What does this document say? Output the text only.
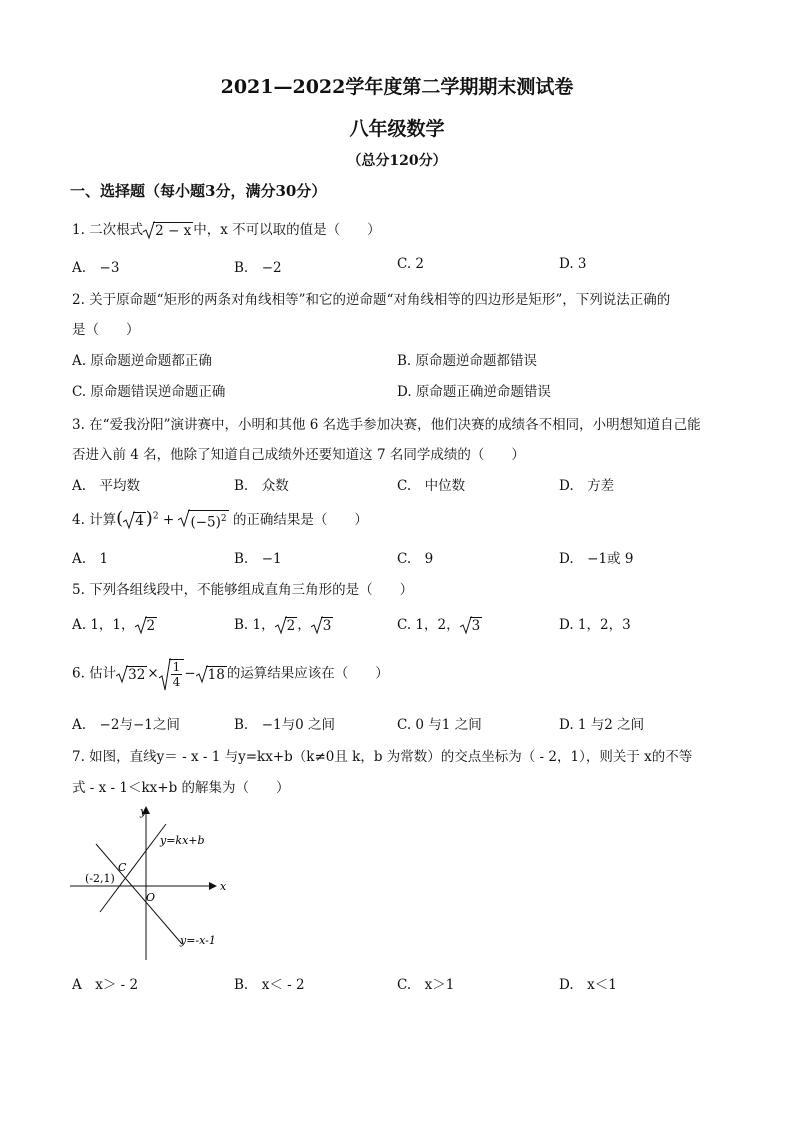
2021—2022学年度第二学期期末测试卷
八年级数学
（总分120分）
一、选择题（每小题3分，满分30分）
1. 二次根式 2 − x 中，x 不可以取的值是（　　）
A.　−3	B.　−2	C. 2	D. 3
2. 关于原命题“矩形的两条对角线相等”和它的逆命题“对角线相等的四边形是矩形”，下列说法正确的
是（　　）
A. 原命题逆命题都正确	B. 原命题逆命题都错误
C. 原命题错误逆命题正确	D. 原命题正确逆命题错误
3. 在“爱我汾阳”演讲赛中，小明和其他 6 名选手参加决赛，他们决赛的成绩各不相同，小明想知道自己能
否进入前 4 名，他除了知道自己成绩外还要知道这 7 名同学成绩的（　　）
A.　平均数	B.　众数	C.　中位数	D.　方差
4. 计算( 4 )$^2$ +
$(-5)^2$ 的正确结果是（　　）
A.　1	B.　−1	C.　9	D.　−1或 9
5. 下列各组线段中，不能够组成直角三角形的是（　　）
A. 1，1， 2	B. 1， 2 ， 3	C. 1，2， 3	D. 1，2，3
6. 估计 $32 \times \frac{1}{4} - 18$ 的运算结果应该在（　　）
A.　−2与−1之间	B.　−1与0 之间	C. 0 与1 之间	D. 1 与2 之间
7. 如图，直线y＝ - x - 1 与y=kx+b（k≠0且 k，b 为常数）的交点坐标为（ - 2，1），则关于 x的不等
式 - x - 1＜kx+b 的解集为（　　）
y
x
O
C
(-2,1)
y=kx+b
y=-x-1
A　x＞ - 2	B.　x＜ - 2	C.　x＞1	D.　x＜1
